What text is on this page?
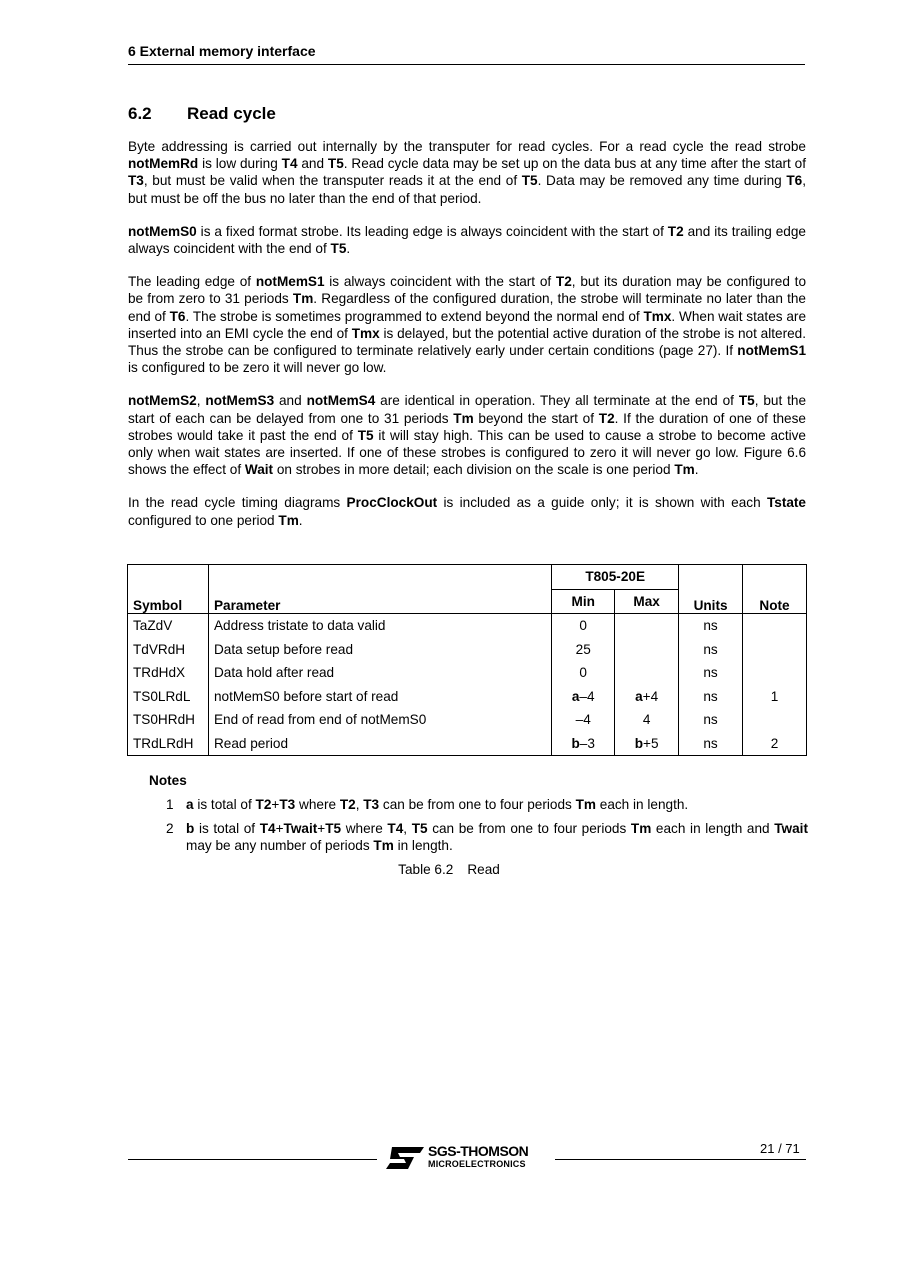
6 External memory interface
6.2 Read cycle

Byte addressing is carried out internally by the transputer for read cycles. For a read cycle the read strobe notMemRd is low during T4 and T5. Read cycle data may be set up on the data bus at any time after the start of T3, but must be valid when the transputer reads it at the end of T5. Data may be removed any time during T6, but must be off the bus no later than the end of that period.

notMemS0 is a fixed format strobe. Its leading edge is always coincident with the start of T2 and its trailing edge always coincident with the end of T5.

The leading edge of notMemS1 is always coincident with the start of T2, but its duration may be configured to be from zero to 31 periods Tm. Regardless of the configured duration, the strobe will terminate no later than the end of T6. The strobe is sometimes programmed to extend beyond the normal end of Tmx. When wait states are inserted into an EMI cycle the end of Tmx is delayed, but the potential active duration of the strobe is not altered. Thus the strobe can be configured to terminate relatively early under certain conditions (page 27). If notMemS1 is configured to be zero it will never go low.

notMemS2, notMemS3 and notMemS4 are identical in operation. They all terminate at the end of T5, but the start of each can be delayed from one to 31 periods Tm beyond the start of T2. If the duration of one of these strobes would take it past the end of T5 it will stay high. This can be used to cause a strobe to become active only when wait states are inserted. If one of these strobes is configured to zero it will never go low. Figure 6.6 shows the effect of Wait on strobes in more detail; each division on the scale is one period Tm.

In the read cycle timing diagrams ProcClockOut is included as a guide only; it is shown with each Tstate configured to one period Tm.

		T805-20E			
Symbol	Parameter	Min	Max	Units	Note
TaZdV	Address tristate to data valid	0		ns	
TdVRdH	Data setup before read	25		ns	
TRdHdX	Data hold after read	0		ns	
TS0LRdL	notMemS0 before start of read	a–4	a+4	ns	1
TS0HRdH	End of read from end of notMemS0	–4	4	ns	
TRdLRdH	Read period	b–3	b+5	ns	2
Notes
1 a is total of T2+T3 where T2, T3 can be from one to four periods Tm each in length.
2 b is total of T4+Twait+T5 where T4, T5 can be from one to four periods Tm each in length and Twait may be any number of periods Tm in length.
Table 6.2 Read
SGS-THOMSON
MICROELECTRONICS
21 / 71
